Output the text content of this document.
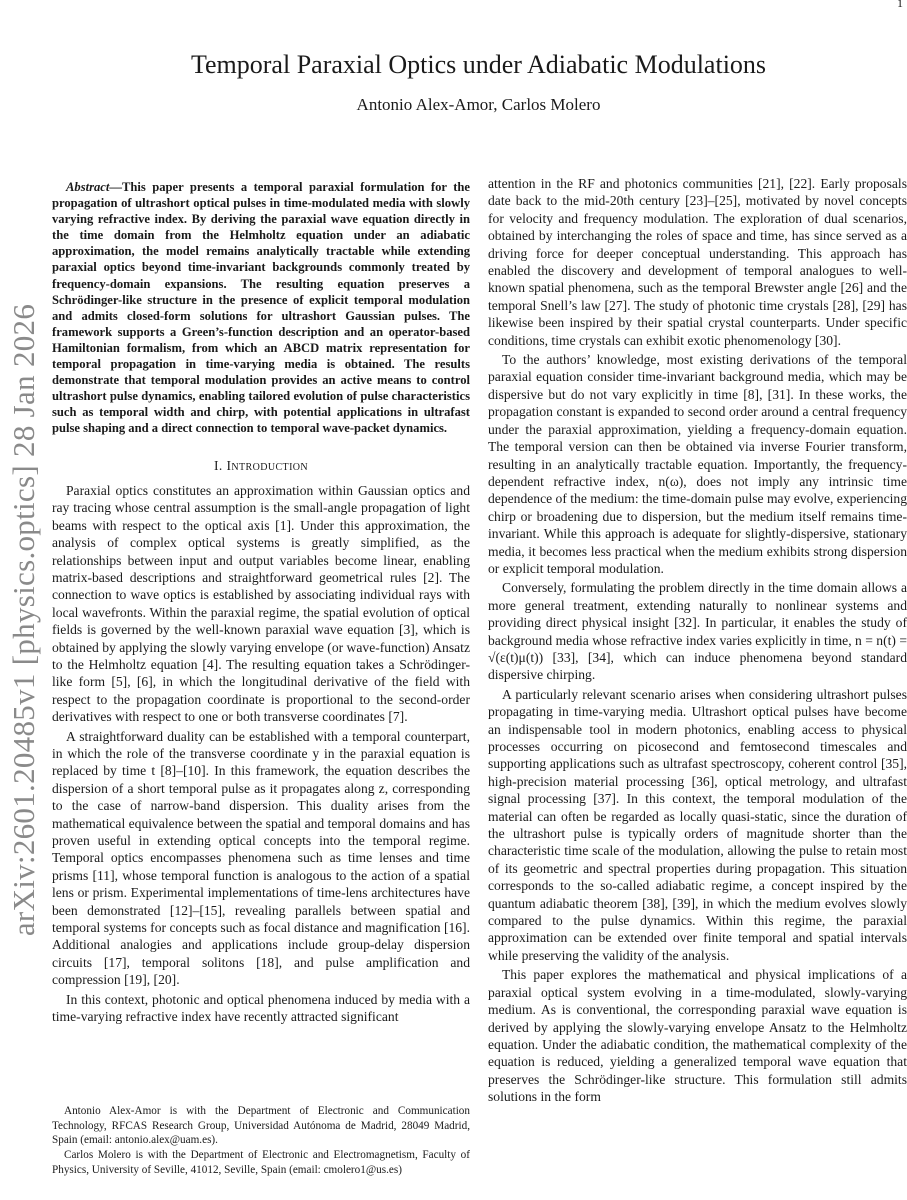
1
arXiv:2601.20485v1 [physics.optics] 28 Jan 2026
Temporal Paraxial Optics under Adiabatic Modulations
Antonio Alex-Amor, Carlos Molero

Abstract—This paper presents a temporal paraxial formulation for the propagation of ultrashort optical pulses in time-modulated media with slowly varying refractive index. By deriving the paraxial wave equation directly in the time domain from the Helmholtz equation under an adiabatic approximation, the model remains analytically tractable while extending paraxial optics beyond time-invariant backgrounds commonly treated by frequency-domain expansions. The resulting equation preserves a Schrödinger-like structure in the presence of explicit temporal modulation and admits closed-form solutions for ultrashort Gaussian pulses. The framework supports a Green’s-function description and an operator-based Hamiltonian formalism, from which an ABCD matrix representation for temporal propagation in time-varying media is obtained. The results demonstrate that temporal modulation provides an active means to control ultrashort pulse dynamics, enabling tailored evolution of pulse characteristics such as temporal width and chirp, with potential applications in ultrafast pulse shaping and a direct connection to temporal wave-packet dynamics.

I. Introduction

Paraxial optics constitutes an approximation within Gaussian optics and ray tracing whose central assumption is the small-angle propagation of light beams with respect to the optical axis [1]. Under this approximation, the analysis of complex optical systems is greatly simplified, as the relationships between input and output variables become linear, enabling matrix-based descriptions and straightforward geometrical rules [2]. The connection to wave optics is established by associating individual rays with local wavefronts. Within the paraxial regime, the spatial evolution of optical fields is governed by the well-known paraxial wave equation [3], which is obtained by applying the slowly varying envelope (or wave-function) Ansatz to the Helmholtz equation [4]. The resulting equation takes a Schrödinger-like form [5], [6], in which the longitudinal derivative of the field with respect to the propagation coordinate is proportional to the second-order derivatives with respect to one or both transverse coordinates [7].

A straightforward duality can be established with a temporal counterpart, in which the role of the transverse coordinate y in the paraxial equation is replaced by time t [8]–[10]. In this framework, the equation describes the dispersion of a short temporal pulse as it propagates along z, corresponding to the case of narrow-band dispersion. This duality arises from the mathematical equivalence between the spatial and temporal domains and has proven useful in extending optical concepts into the temporal regime. Temporal optics encompasses phenomena such as time lenses and time prisms [11], whose temporal function is analogous to the action of a spatial lens or prism. Experimental implementations of time-lens architectures have been demonstrated [12]–[15], revealing parallels between spatial and temporal systems for concepts such as focal distance and magnification [16]. Additional analogies and applications include group-delay dispersion circuits [17], temporal solitons [18], and pulse amplification and compression [19], [20].

In this context, photonic and optical phenomena induced by media with a time-varying refractive index have recently attracted significant

Antonio Alex-Amor is with the Department of Electronic and Communication Technology, RFCAS Research Group, Universidad Autónoma de Madrid, 28049 Madrid, Spain (email: antonio.alex@uam.es).

Carlos Molero is with the Department of Electronic and Electromagnetism, Faculty of Physics, University of Seville, 41012, Seville, Spain (email: cmolero1@us.es)

attention in the RF and photonics communities [21], [22]. Early proposals date back to the mid-20th century [23]–[25], motivated by novel concepts for velocity and frequency modulation. The exploration of dual scenarios, obtained by interchanging the roles of space and time, has since served as a driving force for deeper conceptual understanding. This approach has enabled the discovery and development of temporal analogues to well-known spatial phenomena, such as the temporal Brewster angle [26] and the temporal Snell’s law [27]. The study of photonic time crystals [28], [29] has likewise been inspired by their spatial crystal counterparts. Under specific conditions, time crystals can exhibit exotic phenomenology [30].

To the authors’ knowledge, most existing derivations of the temporal paraxial equation consider time-invariant background media, which may be dispersive but do not vary explicitly in time [8], [31]. In these works, the propagation constant is expanded to second order around a central frequency under the paraxial approximation, yielding a frequency-domain equation. The temporal version can then be obtained via inverse Fourier transform, resulting in an analytically tractable equation. Importantly, the frequency-dependent refractive index, n(ω), does not imply any intrinsic time dependence of the medium: the time-domain pulse may evolve, experiencing chirp or broadening due to dispersion, but the medium itself remains time-invariant. While this approach is adequate for slightly-dispersive, stationary media, it becomes less practical when the medium exhibits strong dispersion or explicit temporal modulation.

Conversely, formulating the problem directly in the time domain allows a more general treatment, extending naturally to nonlinear systems and providing direct physical insight [32]. In particular, it enables the study of background media whose refractive index varies explicitly in time, n = n(t) = √(ε(t)μ(t)) [33], [34], which can induce phenomena beyond standard dispersive chirping.

A particularly relevant scenario arises when considering ultrashort pulses propagating in time-varying media. Ultrashort optical pulses have become an indispensable tool in modern photonics, enabling access to physical processes occurring on picosecond and femtosecond timescales and supporting applications such as ultrafast spectroscopy, coherent control [35], high-precision material processing [36], optical metrology, and ultrafast signal processing [37]. In this context, the temporal modulation of the material can often be regarded as locally quasi-static, since the duration of the ultrashort pulse is typically orders of magnitude shorter than the characteristic time scale of the modulation, allowing the pulse to retain most of its geometric and spectral properties during propagation. This situation corresponds to the so-called adiabatic regime, a concept inspired by the quantum adiabatic theorem [38], [39], in which the medium evolves slowly compared to the pulse dynamics. Within this regime, the paraxial approximation can be extended over finite temporal and spatial intervals while preserving the validity of the analysis.

This paper explores the mathematical and physical implications of a paraxial optical system evolving in a time-modulated, slowly-varying medium. As is conventional, the corresponding paraxial wave equation is derived by applying the slowly-varying envelope Ansatz to the Helmholtz equation. Under the adiabatic condition, the mathematical complexity of the equation is reduced, yielding a generalized temporal wave equation that preserves the Schrödinger-like structure. This formulation still admits solutions in the form
